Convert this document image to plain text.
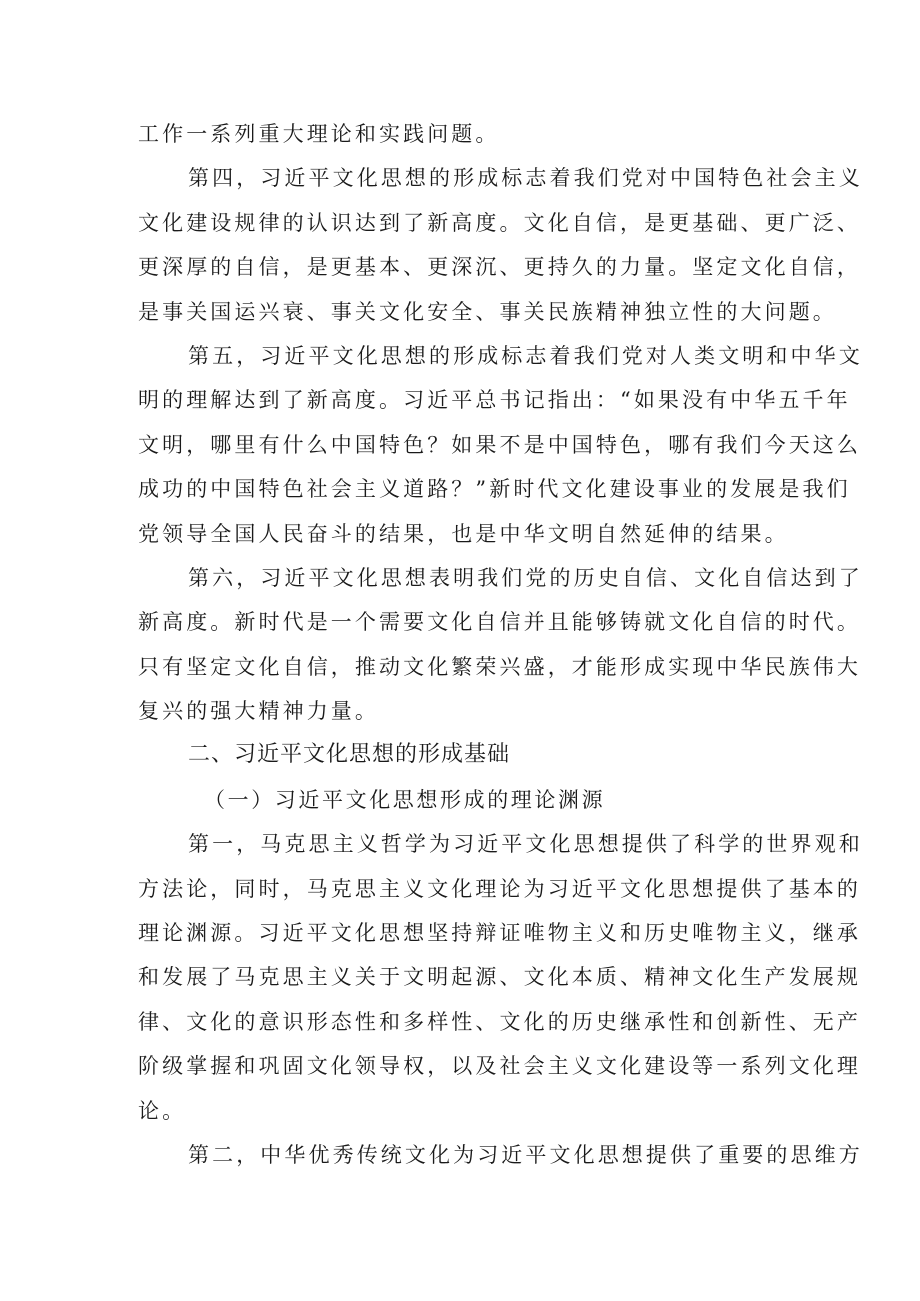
工作一系列重大理论和实践问题。
第四，习近平文化思想的形成标志着我们党对中国特色社会主义
文化建设规律的认识达到了新高度。文化自信，是更基础、更广泛、
更深厚的自信，是更基本、更深沉、更持久的力量。坚定文化自信，
是事关国运兴衰、事关文化安全、事关民族精神独立性的大问题。
第五，习近平文化思想的形成标志着我们党对人类文明和中华文
明的理解达到了新高度。习近平总书记指出：“如果没有中华五千年
文明，哪里有什么中国特色？如果不是中国特色，哪有我们今天这么
成功的中国特色社会主义道路？”新时代文化建设事业的发展是我们
党领导全国人民奋斗的结果，也是中华文明自然延伸的结果。
第六，习近平文化思想表明我们党的历史自信、文化自信达到了
新高度。新时代是一个需要文化自信并且能够铸就文化自信的时代。
只有坚定文化自信，推动文化繁荣兴盛，才能形成实现中华民族伟大
复兴的强大精神力量。
二、习近平文化思想的形成基础
（一）习近平文化思想形成的理论渊源
第一，马克思主义哲学为习近平文化思想提供了科学的世界观和
方法论，同时，马克思主义文化理论为习近平文化思想提供了基本的
理论渊源。习近平文化思想坚持辩证唯物主义和历史唯物主义，继承
和发展了马克思主义关于文明起源、文化本质、精神文化生产发展规
律、文化的意识形态性和多样性、文化的历史继承性和创新性、无产
阶级掌握和巩固文化领导权，以及社会主义文化建设等一系列文化理
论。
第二，中华优秀传统文化为习近平文化思想提供了重要的思维方
